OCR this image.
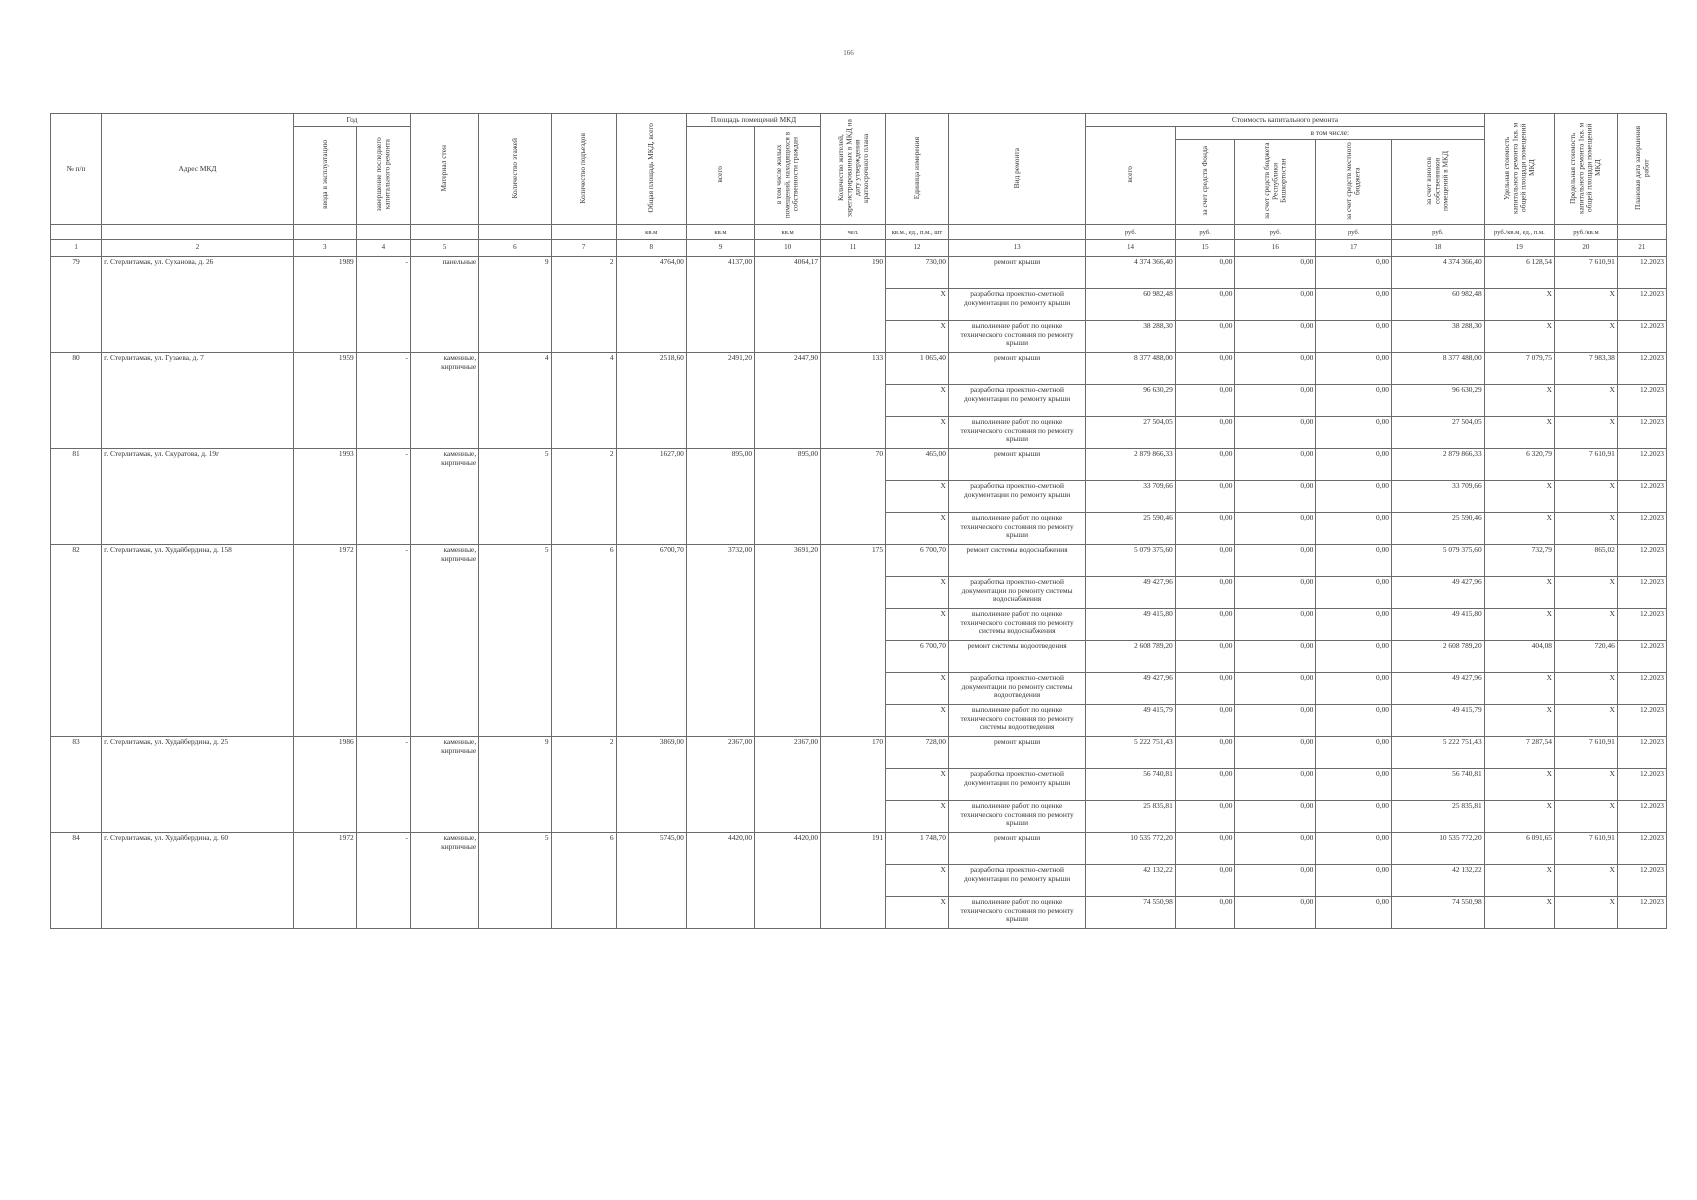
166
№ п/п	Адрес МКД	Год		Материал стен	Количество этажей	Количество подъездов	Общая площадь МКД, всего	Площадь помещений МКД		Количество жителей, зарегистрированных в МКД на дату утверждения краткосрочного плана	Единица измерения	Вид ремонта	Стоимость капитального ремонта					Удельная стоимость капитального ремонта 1кв. м общей площади помещений МКД	Предельная стоимость капитального ремонта 1кв. м общей площади помещений МКД	Плановая дата завершения работ
		ввода в эксплуатацию	завершение последнего капитального ремонта					всего	в том числе жилых помещений, находящихся в собственности граждан				всего	в том числе:						
														за счет средств Фонда	за счет средств бюджета Республики Башкортостан	за счет средств местного бюджета	за счет взносов собственников помещений в МКД			
							кв.м	кв.м	кв.м	чел.	кв.м., ед., п.м., шт		руб.	руб.	руб.	руб.	руб.	руб./кв.м, ед., п.м.	руб./кв.м	
1	2	3	4	5	6	7	8	9	10	11	12	13	14	15	16	17	18	19	20	21
79	г. Стерлитамак, ул. Суханова, д. 26	1989	-	панельные	9	2	4764,00	4137,00	4064,17	190	730,00	ремонт крыши	4 374 366,40	0,00	0,00	0,00	4 374 366,40	6 128,54	7 610,91	12.2023
											X	разработка проектно-сметной документации по ремонту крыши	60 982,48	0,00	0,00	0,00	60 982,48	X	X	12.2023
											X	выполнение работ по оценке технического состояния по ремонту крыши	38 288,30	0,00	0,00	0,00	38 288,30	X	X	12.2023
80	г. Стерлитамак, ул. Гузаева, д. 7	1959	-	каменные, кирпичные	4	4	2518,60	2491,20	2447,90	133	1 065,40	ремонт крыши	8 377 488,00	0,00	0,00	0,00	8 377 488,00	7 079,75	7 983,38	12.2023
											X	разработка проектно-сметной документации по ремонту крыши	96 630,29	0,00	0,00	0,00	96 630,29	X	X	12.2023
											X	выполнение работ по оценке технического состояния по ремонту крыши	27 504,05	0,00	0,00	0,00	27 504,05	X	X	12.2023
81	г. Стерлитамак, ул. Скуратова, д. 19г	1993	-	каменные, кирпичные	5	2	1627,00	895,00	895,00	70	465,00	ремонт крыши	2 879 866,33	0,00	0,00	0,00	2 879 866,33	6 320,79	7 610,91	12.2023
											X	разработка проектно-сметной документации по ремонту крыши	33 709,66	0,00	0,00	0,00	33 709,66	X	X	12.2023
											X	выполнение работ по оценке технического состояния по ремонту крыши	25 590,46	0,00	0,00	0,00	25 590,46	X	X	12.2023
82	г. Стерлитамак, ул. Худайбердина, д. 158	1972	-	каменные, кирпичные	5	6	6700,70	3732,00	3691,20	175	6 700,70	ремонт системы водоснабжения	5 079 375,60	0,00	0,00	0,00	5 079 375,60	732,79	865,02	12.2023
											X	разработка проектно-сметной документации по ремонту системы водоснабжения	49 427,96	0,00	0,00	0,00	49 427,96	X	X	12.2023
											X	выполнение работ по оценке технического состояния по ремонту системы водоснабжения	49 415,80	0,00	0,00	0,00	49 415,80	X	X	12.2023
											6 700,70	ремонт системы водоотведения	2 608 789,20	0,00	0,00	0,00	2 608 789,20	404,08	720,46	12.2023
											X	разработка проектно-сметной документации по ремонту системы водоотведения	49 427,96	0,00	0,00	0,00	49 427,96	X	X	12.2023
											X	выполнение работ по оценке технического состояния по ремонту системы водоотведения	49 415,79	0,00	0,00	0,00	49 415,79	X	X	12.2023
83	г. Стерлитамак, ул. Худайбердина, д. 25	1986	-	каменные, кирпичные	9	2	3869,00	2367,00	2367,00	170	728,00	ремонт крыши	5 222 751,43	0,00	0,00	0,00	5 222 751,43	7 287,54	7 610,91	12.2023
											X	разработка проектно-сметной документации по ремонту крыши	56 740,81	0,00	0,00	0,00	56 740,81	X	X	12.2023
											X	выполнение работ по оценке технического состояния по ремонту крыши	25 835,81	0,00	0,00	0,00	25 835,81	X	X	12.2023
84	г. Стерлитамак, ул. Худайбердина, д. 60	1972	-	каменные, кирпичные	5	6	5745,00	4420,00	4420,00	191	1 748,70	ремонт крыши	10 535 772,20	0,00	0,00	0,00	10 535 772,20	6 091,65	7 610,91	12.2023
											X	разработка проектно-сметной документации по ремонту крыши	42 132,22	0,00	0,00	0,00	42 132,22	X	X	12.2023
											X	выполнение работ по оценке технического состояния по ремонту крыши	74 550,98	0,00	0,00	0,00	74 550,98	X	X	12.2023
